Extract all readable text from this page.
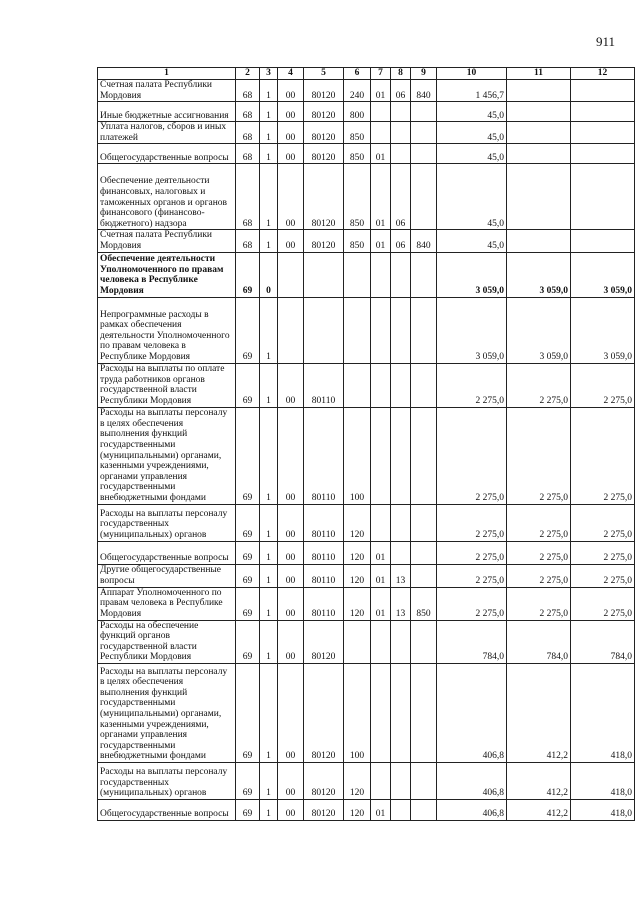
911
1	2	3	4	5	6	7	8	9	10	11	12
Счетная палата Республики Мордовия	68	1	00	80120	240	01	06	840	1 456,7		
Иные бюджетные ассигнования	68	1	00	80120	800				45,0		
Уплата налогов, сборов и иных платежей	68	1	00	80120	850				45,0		
Общегосударственные вопросы	68	1	00	80120	850	01			45,0		
Обеспечение деятельности финансовых, налоговых и таможенных органов и органов финансового (финансово-бюджетного) надзора	68	1	00	80120	850	01	06		45,0		
Счетная палата Республики Мордовия	68	1	00	80120	850	01	06	840	45,0		
Обеспечение деятельности Уполномоченного по правам человека в Республике Мордовия	69	0							3 059,0	3 059,0	3 059,0
Непрограммные расходы в рамках обеспечения деятельности Уполномоченного по правам человека в Республике Мордовия	69	1							3 059,0	3 059,0	3 059,0
Расходы на выплаты по оплате труда работников органов государственной власти Республики Мордовия	69	1	00	80110					2 275,0	2 275,0	2 275,0
Расходы на выплаты персоналу в целях обеспечения выполнения функций государственными (муниципальными) органами, казенными учреждениями, органами управления государственными внебюджетными фондами	69	1	00	80110	100				2 275,0	2 275,0	2 275,0
Расходы на выплаты персоналу государственных (муниципальных) органов	69	1	00	80110	120				2 275,0	2 275,0	2 275,0
Общегосударственные вопросы	69	1	00	80110	120	01			2 275,0	2 275,0	2 275,0
Другие общегосударственные вопросы	69	1	00	80110	120	01	13		2 275,0	2 275,0	2 275,0
Аппарат Уполномоченного по правам человека в Республике Мордовия	69	1	00	80110	120	01	13	850	2 275,0	2 275,0	2 275,0
Расходы на обеспечение функций органов государственной власти Республики Мордовия	69	1	00	80120					784,0	784,0	784,0
Расходы на выплаты персоналу в целях обеспечения выполнения функций государственными (муниципальными) органами, казенными учреждениями, органами управления государственными внебюджетными фондами	69	1	00	80120	100				406,8	412,2	418,0
Расходы на выплаты персоналу государственных (муниципальных) органов	69	1	00	80120	120				406,8	412,2	418,0
Общегосударственные вопросы	69	1	00	80120	120	01			406,8	412,2	418,0
